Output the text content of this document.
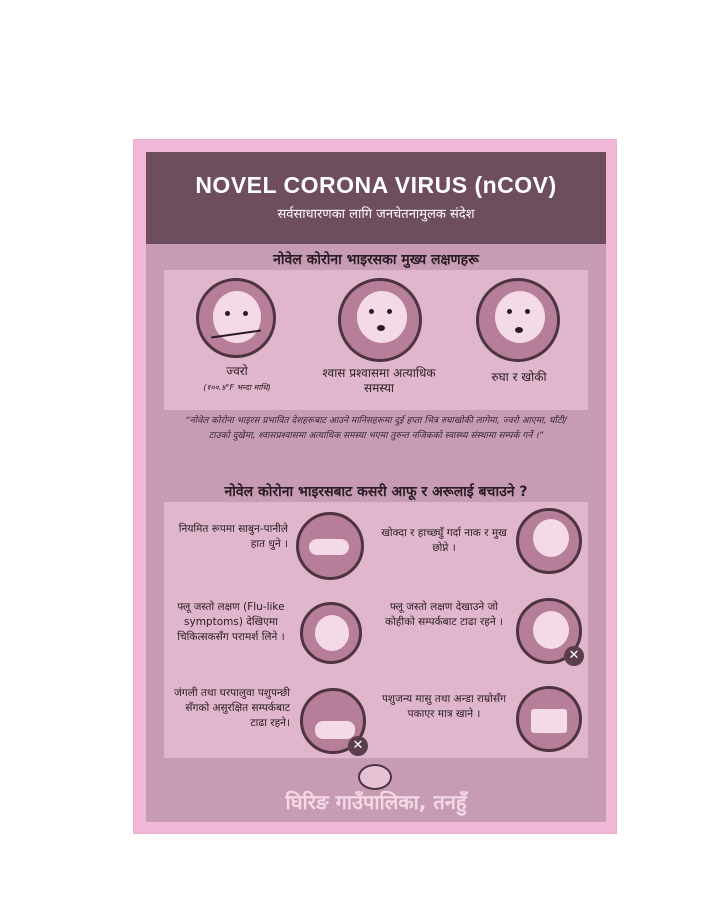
NOVEL CORONA VIRUS (nCOV)
सर्वसाधारणका लागि जनचेतनामुलक संदेश
नोवेल कोरोना भाइरसका मुख्य लक्षणहरू
ज्वरो
(१००.४°F भन्दा माथि)
श्वास प्रश्वासमा अत्याधिक समस्या
रुघा र खोकी
“नोवेल कोरोना भाइरस प्रभावित देशहरूबाट आउने मानिसहरूमा दुई हप्ता भित्र रुघाखोकी लागेमा, ज्वरो आएमा, घाँटी/टाउको दुखेमा, श्वासप्रश्वासमा अत्याधिक समस्या भएमा तुरुन्त नजिकको स्वास्थ्य संस्थामा सम्पर्क गर्ने ।”
नोवेल कोरोना भाइरसबाट कसरी आफू र अरूलाई बचाउने ?
नियमित रूपमा साबुन-पानीले हात धुने ।
खोक्दा र हाच्छ्युँ गर्दा नाक र मुख छोप्ने ।
फ्लू जस्तो लक्षण (Flu-like symptoms) देखिएमा चिकित्सकसँग परामर्श लिने ।
फ्लू जस्तो लक्षण देखाउने जो कोहीको सम्पर्कबाट टाढा रहने ।
✕
जंगली तथा घरपालुवा पशुपन्छी सँगको असुरक्षित सम्पर्कबाट टाढा रहने।
✕
पशुजन्य मासु तथा अन्डा राम्रोसँग पकाएर मात्र खाने ।
घिरिङ गाउँपालिका, तनहुँ
